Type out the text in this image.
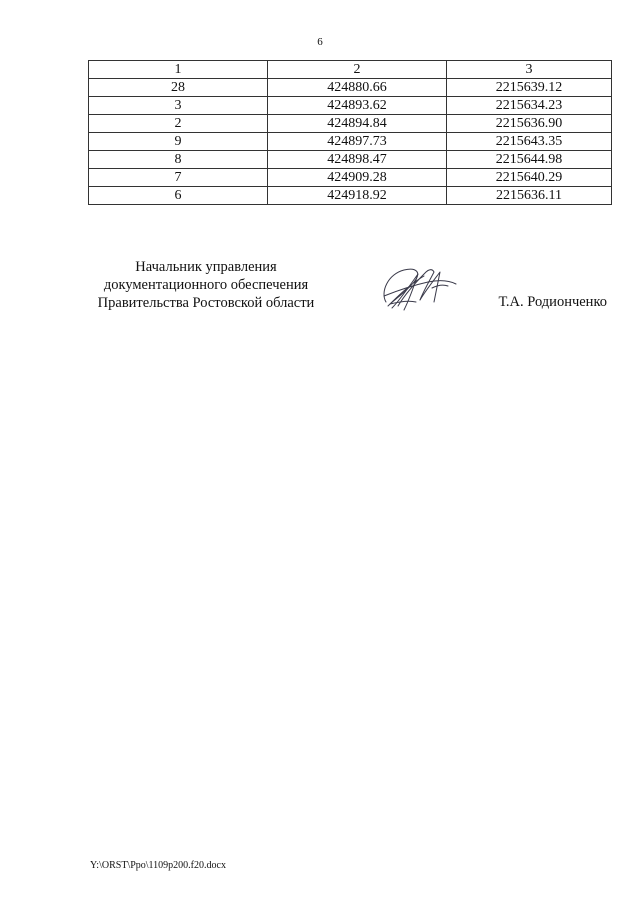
6
1	2	3
28	424880.66	2215639.12
3	424893.62	2215634.23
2	424894.84	2215636.90
9	424897.73	2215643.35
8	424898.47	2215644.98
7	424909.28	2215640.29
6	424918.92	2215636.11
Начальник управления
документационного обеспечения
Правительства Ростовской области	Т.А. Родионченко
Y:\ORST\Ppo\1109p200.f20.docx
